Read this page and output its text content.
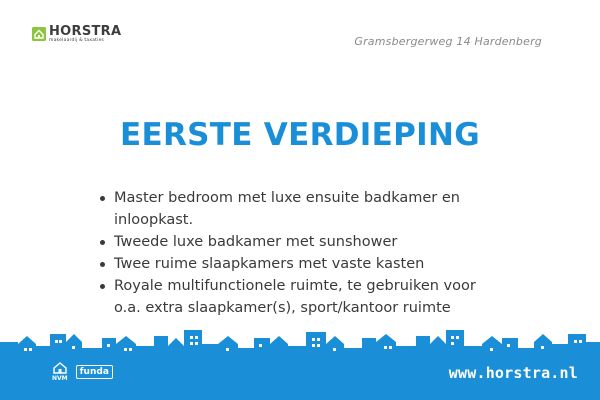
HORSTRA
makelaardij & taxaties	Gramsbergerweg 14 Hardenberg
EERSTE VERDIEPING
Master bedroom met luxe ensuite badkamer en
inloopkast.
Tweede luxe badkamer met sunshower
Twee ruime slaapkamers met vaste kasten
Royale multifunctionele ruimte, te gebruiken voor
o.a. extra slaapkamer(s), sport/kantoor ruimte
NVM
funda	www.horstra.nl
